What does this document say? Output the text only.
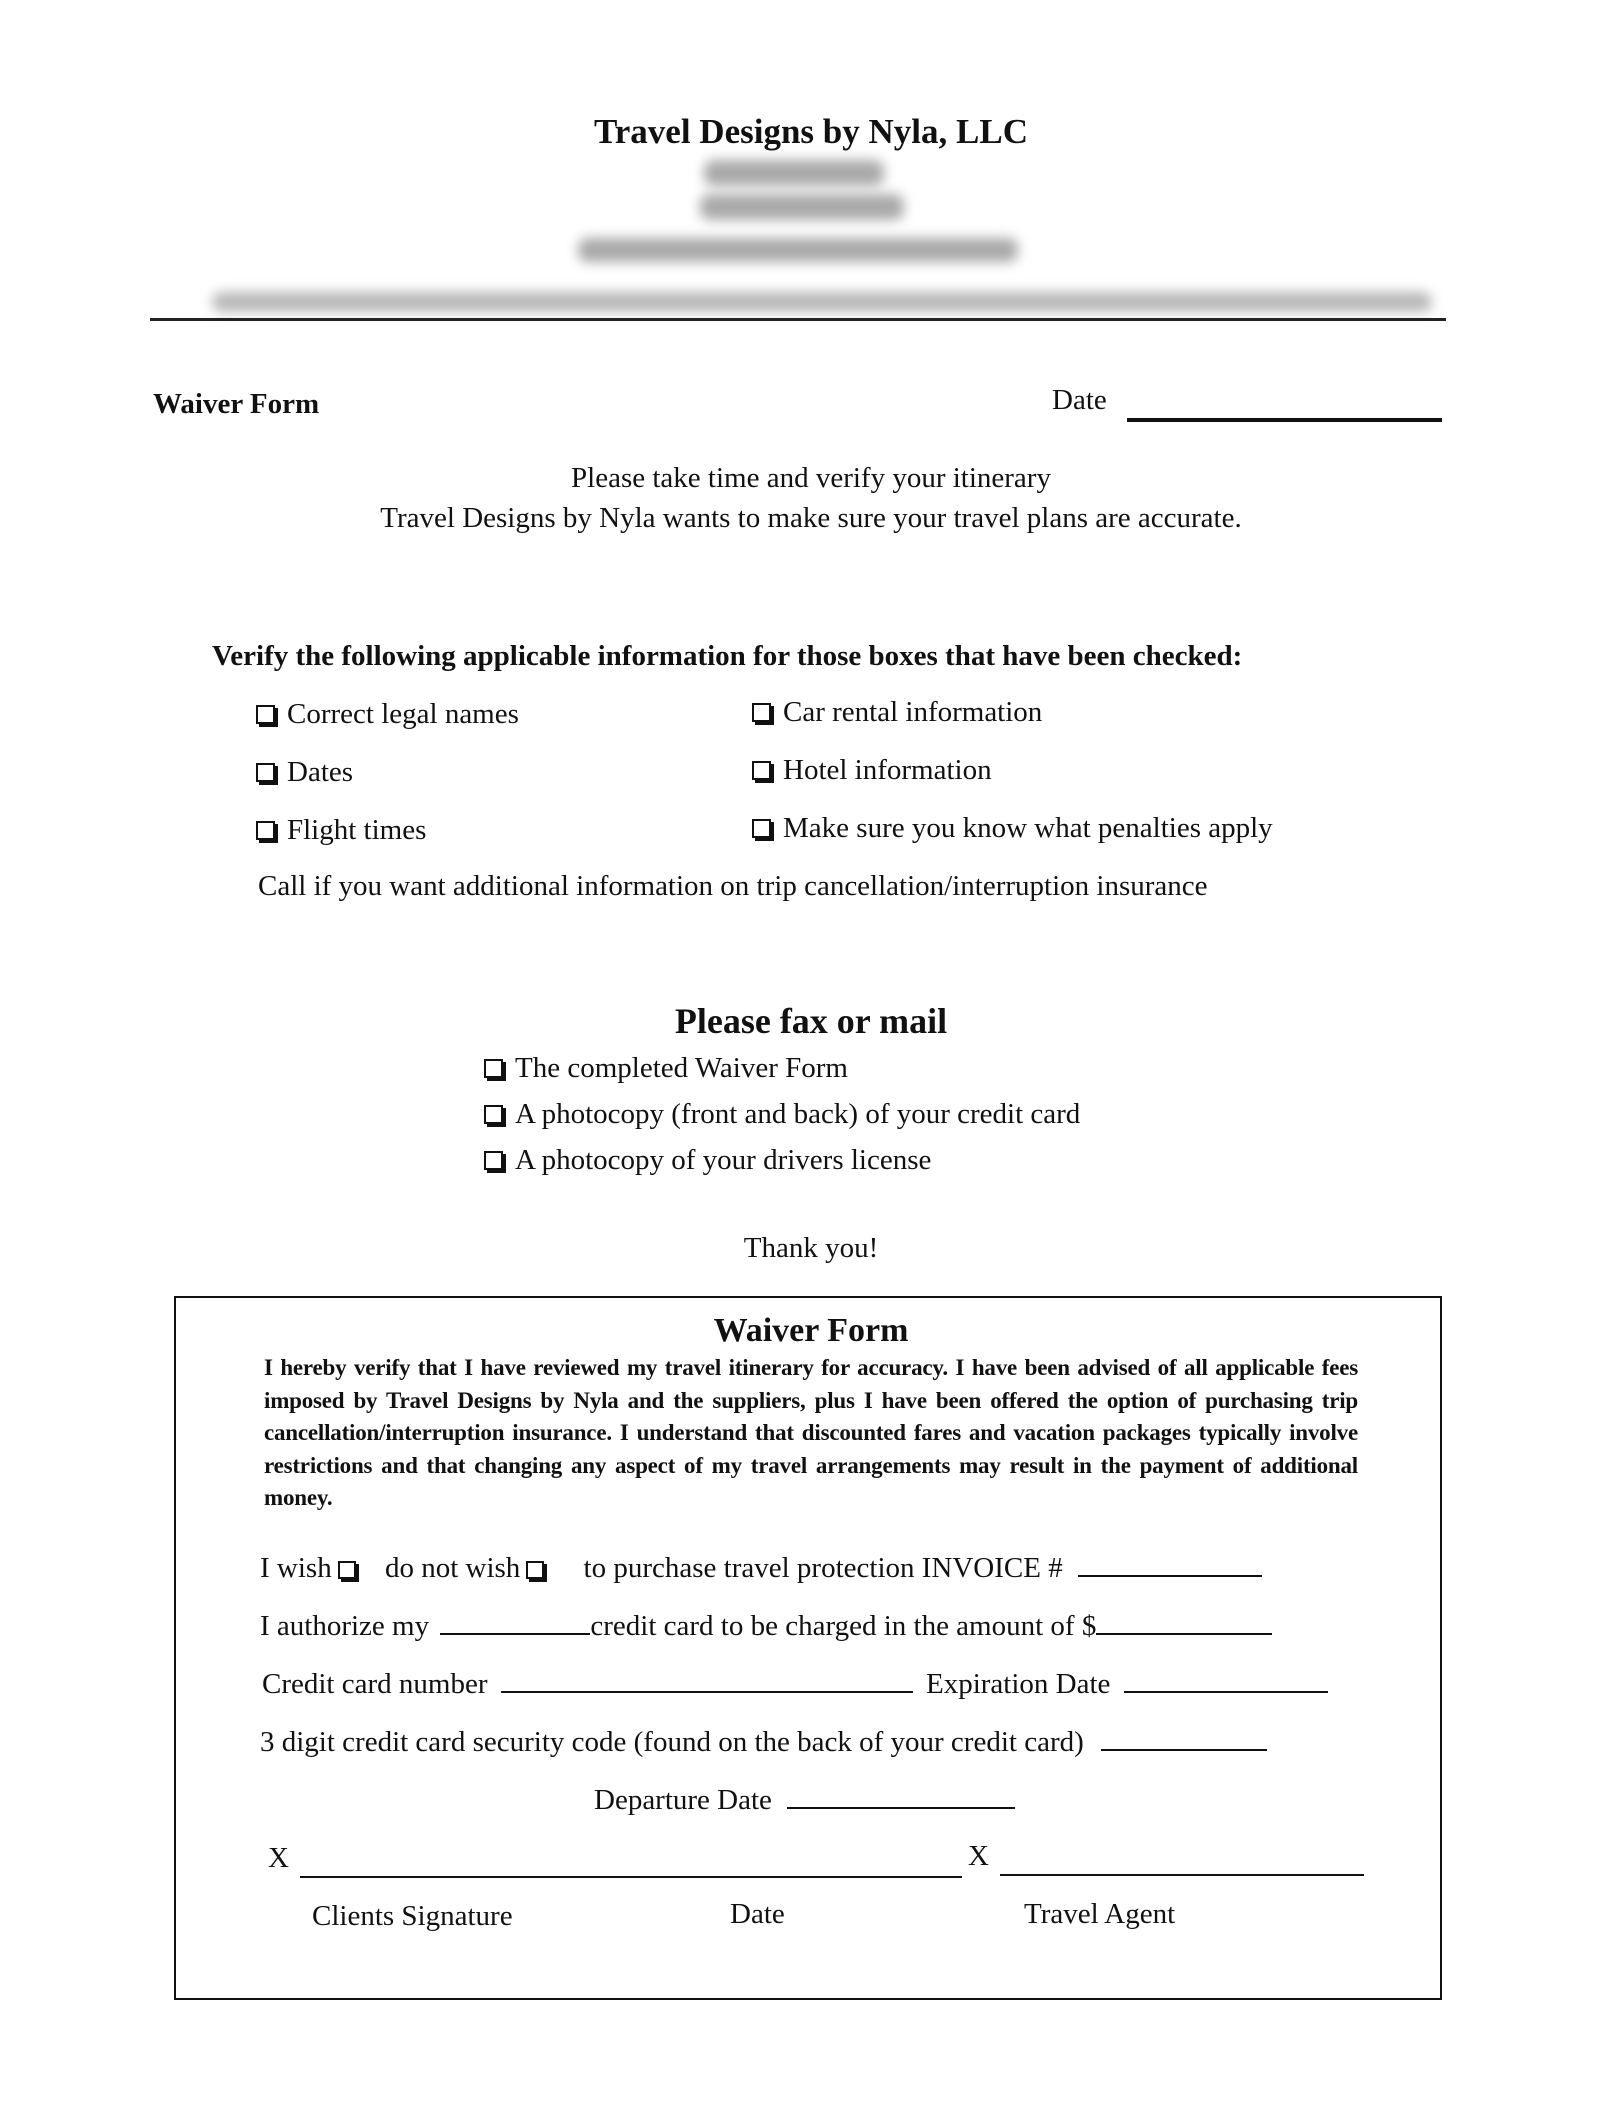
Travel Designs by Nyla, LLC
Waiver Form	Date
Please take time and verify your itinerary
Travel Designs by Nyla wants to make sure your travel plans are accurate.
Verify the following applicable information for those boxes that have been checked:
Correct legal names	Car rental information
Dates	Hotel information
Flight times	Make sure you know what penalties apply
Call if you want additional information on trip cancellation/interruption insurance
Please fax or mail
The completed Waiver Form
A photocopy (front and back) of your credit card
A photocopy of your drivers license
Thank you!
Waiver Form
I hereby verify that I have reviewed my travel itinerary for accuracy. I have been advised of all applicable fees imposed by Travel Designs by Nyla and the suppliers, plus I have been offered the option of purchasing trip cancellation/interruption insurance. I understand that discounted fares and vacation packages typically involve restrictions and that changing any aspect of my travel arrangements may result in the payment of additional money.
I wish do not wish to purchase travel protection INVOICE #
I authorize my	credit card to be charged in the amount of $
Credit card number	Expiration Date
3 digit credit card security code (found on the back of your credit card)
Departure Date
X	X
Clients Signature	Date	Travel Agent
